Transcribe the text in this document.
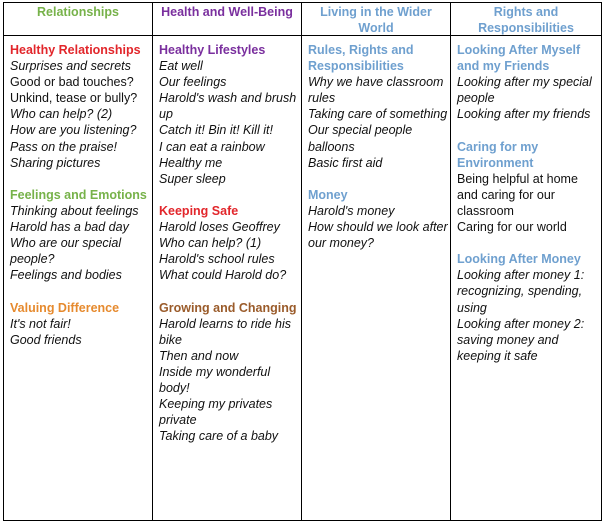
Relationships	Health and Well-Being	Living in the Wider World
Rights and Responsibilities
Healthy Relationships
Surprises and secrets
Good or bad touches?
Unkind, tease or bully?
Who can help? (2)
How are you listening?
Pass on the praise!
Sharing pictures
Feelings and Emotions
Thinking about feelings
Harold has a bad day
Who are our special people?
Feelings and bodies
Valuing Difference
It's not fair!
Good friends
Healthy Lifestyles
Eat well
Our feelings
Harold's wash and brush up
Catch it! Bin it! Kill it!
I can eat a rainbow
Healthy me
Super sleep
Keeping Safe
Harold loses Geoffrey
Who can help? (1)
Harold's school rules
What could Harold do?
Growing and Changing
Harold learns to ride his bike
Then and now
Inside my wonderful body!
Keeping my privates private
Taking care of a baby
Rules, Rights and Responsibilities
Why we have classroom rules
Taking care of something
Our special people balloons
Basic first aid
Money
Harold's money
How should we look after our money?
Looking After Myself and my Friends
Looking after my special people
Looking after my friends
Caring for my Environment
Being helpful at home and caring for our classroom
Caring for our world
Looking After Money
Looking after money 1: recognizing, spending, using
Looking after money 2: saving money and keeping it safe
